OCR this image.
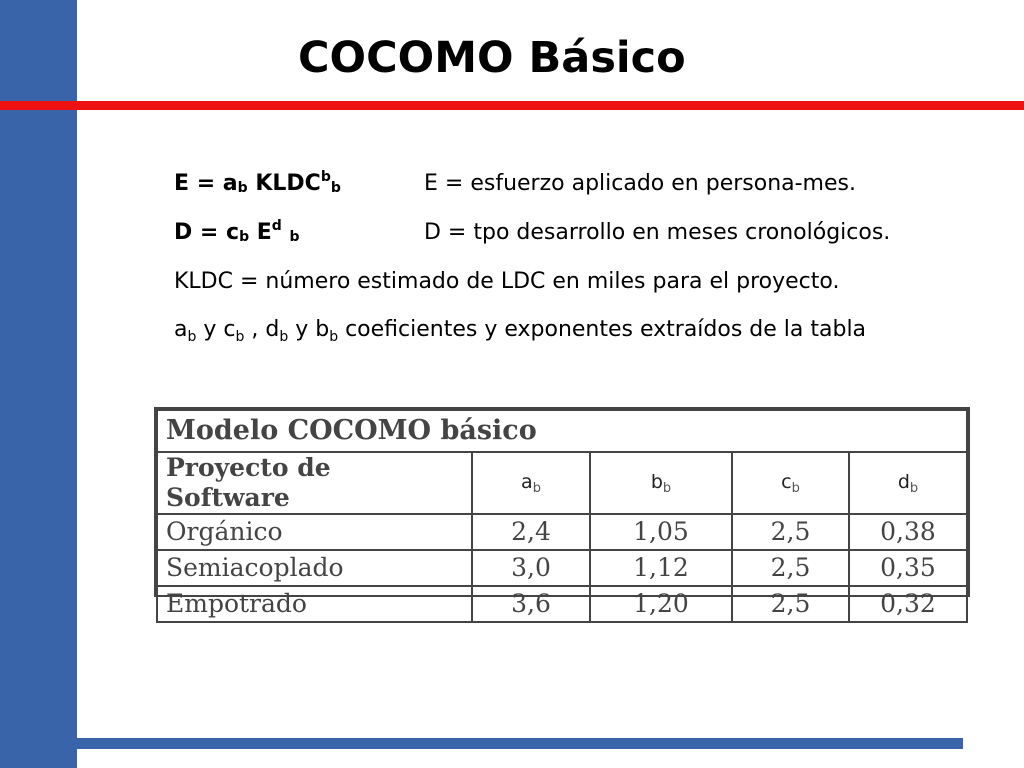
COCOMO Básico
$E = a_b$ $KLDC^b_b$	E = esfuerzo aplicado en persona-mes.
$D = c_b$ $E^d$ $_b$	D = tpo desarrollo en meses cronológicos.
KLDC = número estimado de LDC en miles para el proyecto.
$a_b$ y $c_b$ , $d_b$ y $b_b$ coeficientes y exponentes extraídos de la tabla
Modelo COCOMO básico				
Proyecto de Software	$a_b$	$b_b$	$c_b$	$d_b$
Orgánico	2,4	1,05	2,5	0,38
Semiacoplado	3,0	1,12	2,5	0,35
Empotrado	3,6	1,20	2,5	0,32
